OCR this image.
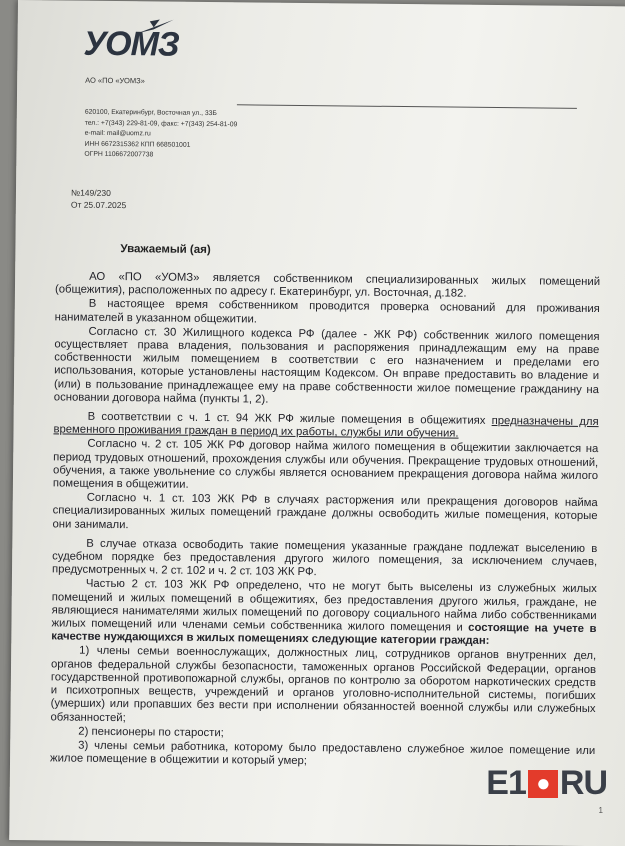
УОМЗ
АО «ПО «УОМЗ»
620100, Екатеринбург, Восточная ул., 33Б
тел.: +7(343) 229-81-09, факс: +7(343) 254-81-09
e-mail: mail@uomz.ru
ИНН 6672315362 КПП 668501001
ОГРН 1106672007738
№149/230
От 25.07.2025
Уважаемый (ая)

АО «ПО «УОМЗ» является собственником специализированных жилых помещений (общежития), расположенных по адресу г. Екатеринбург, ул. Восточная, д.182.

В настоящее время собственником проводится проверка оснований для проживания нанимателей в указанном общежитии.

Согласно ст. 30 Жилищного кодекса РФ (далее - ЖК РФ) собственник жилого помещения осуществляет права владения, пользования и распоряжения принадлежащим ему на праве собственности жилым помещением в соответствии с его назначением и пределами его использования, которые установлены настоящим Кодексом. Он вправе предоставить во владение и (или) в пользование принадлежащее ему на праве собственности жилое помещение гражданину на основании договора найма (пункты 1, 2).

В соответствии с ч. 1 ст. 94 ЖК РФ жилые помещения в общежитиях предназначены для временного проживания граждан в период их работы, службы или обучения.

Согласно ч. 2 ст. 105 ЖК РФ договор найма жилого помещения в общежитии заключается на период трудовых отношений, прохождения службы или обучения. Прекращение трудовых отношений, обучения, а также увольнение со службы является основанием прекращения договора найма жилого помещения в общежитии.

Согласно ч. 1 ст. 103 ЖК РФ в случаях расторжения или прекращения договоров найма специализированных жилых помещений граждане должны освободить жилые помещения, которые они занимали.

В случае отказа освободить такие помещения указанные граждане подлежат выселению в судебном порядке без предоставления другого жилого помещения, за исключением случаев, предусмотренных ч. 2 ст. 102 и ч. 2 ст. 103 ЖК РФ.

Частью 2 ст. 103 ЖК РФ определено, что не могут быть выселены из служебных жилых помещений и жилых помещений в общежитиях, без предоставления другого жилья, граждане, не являющиеся нанимателями жилых помещений по договору социального найма либо собственниками жилых помещений или членами семьи собственника жилого помещения и состоящие на учете в качестве нуждающихся в жилых помещениях следующие категории граждан:

1) члены семьи военнослужащих, должностных лиц, сотрудников органов внутренних дел, органов федеральной службы безопасности, таможенных органов Российской Федерации, органов государственной противопожарной службы, органов по контролю за оборотом наркотических средств и психотропных веществ, учреждений и органов уголовно-исполнительной системы, погибших (умерших) или пропавших без вести при исполнении обязанностей военной службы или служебных обязанностей;

2) пенсионеры по старости;

3) члены семьи работника, которому было предоставлено служебное жилое помещение или жилое помещение в общежитии и который умер;

E1 ● RU
1
